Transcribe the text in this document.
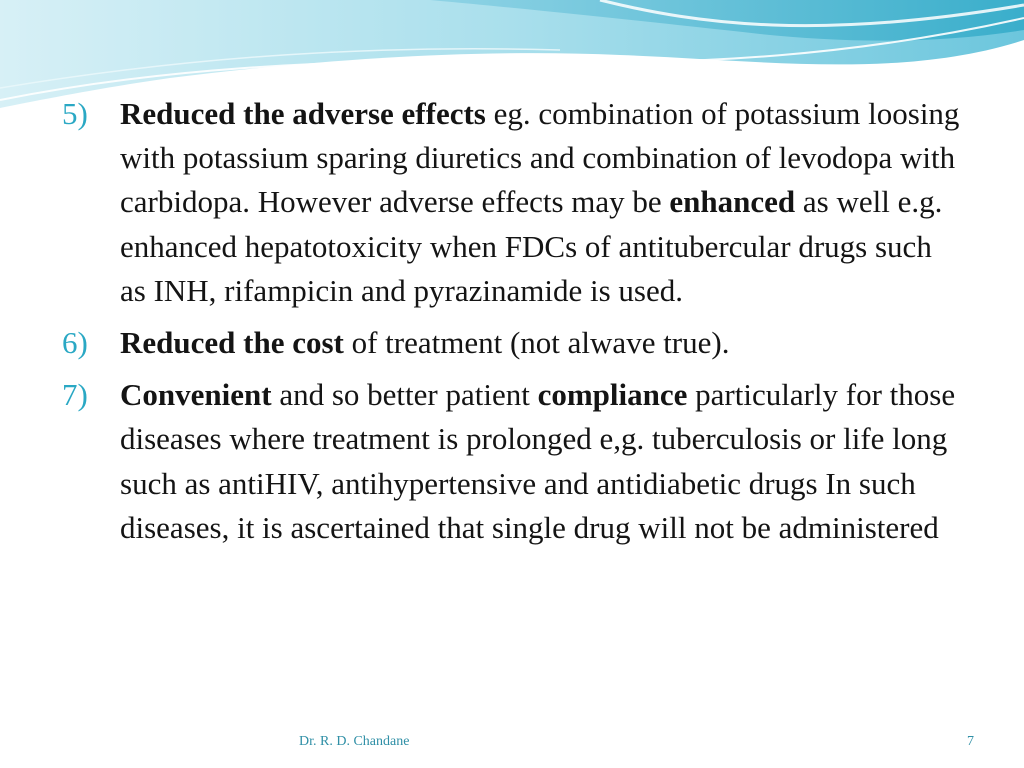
5)	Reduced the adverse effects eg. combination of potassium loosing with potassium sparing diuretics and combination of levodopa with carbidopa. However adverse effects may be enhanced as well e.g. enhanced hepatotoxicity when FDCs of antitubercular drugs such as INH, rifampicin and pyrazinamide is used.
6)	Reduced the cost of treatment (not alwave true).
7)	Convenient and so better patient compliance particularly for those diseases where treatment is prolonged e,g. tuberculosis or life long such as antiHIV, antihypertensive and antidiabetic drugs In such diseases, it is ascertained that single drug will not be administered
Dr. R. D. Chandane	7
